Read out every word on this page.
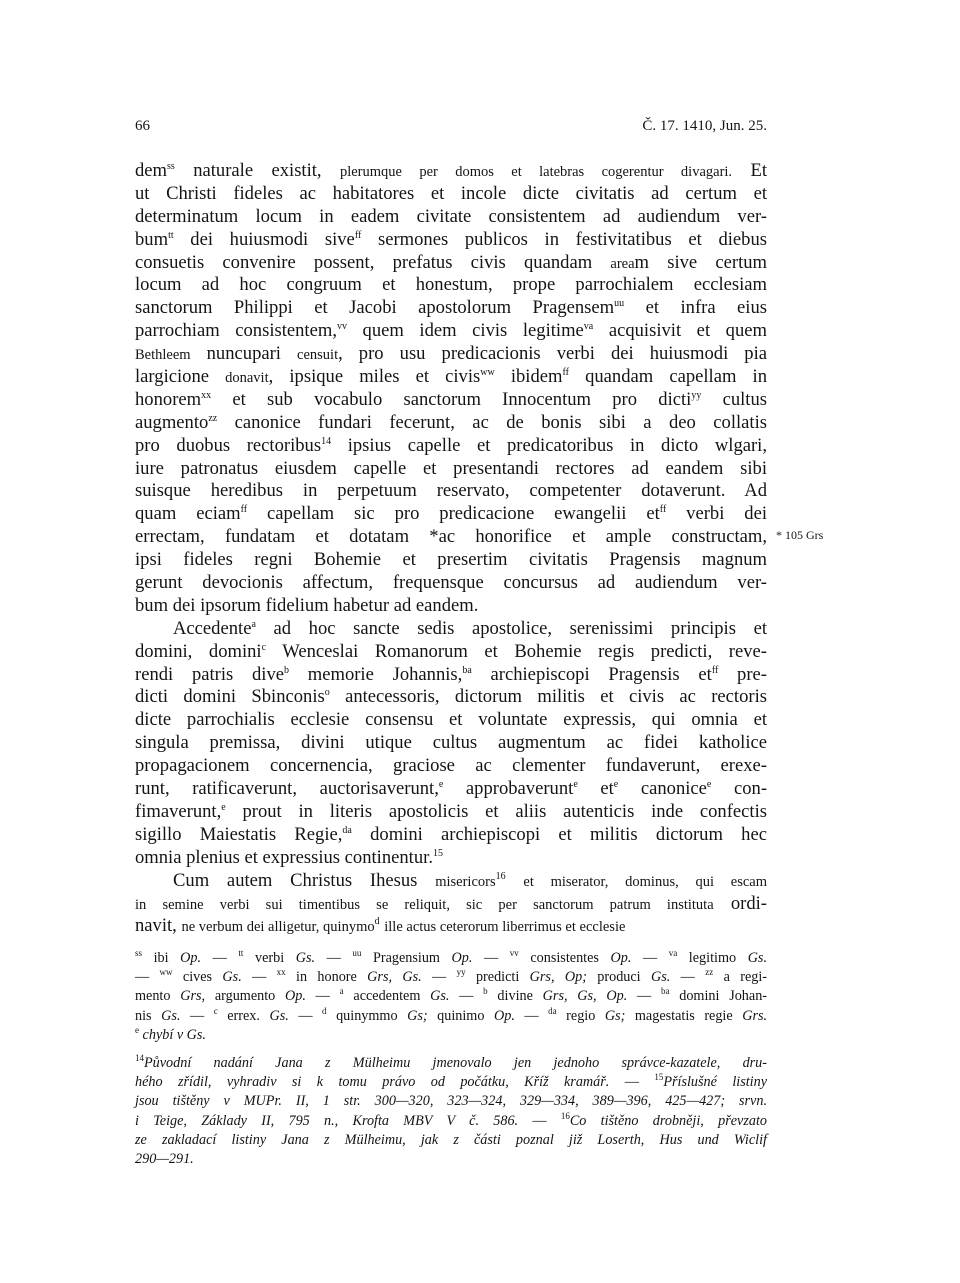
66	Č. 17. 1410, Jun. 25.
dem$^{ss}$ naturale existit, plerumque per domos et latebras cogerentur divagari. Et
ut Christi fideles ac habitatores et incole dicte civitatis ad certum et
determinatum locum in eadem civitate consistentem ad audiendum ver-
bum$^{tt}$ dei huiusmodi sive$^{ff}$ sermones publicos in festivitatibus et diebus
consuetis convenire possent, prefatus civis quandam aream sive certum
locum ad hoc congruum et honestum, prope parrochialem ecclesiam
sanctorum Philippi et Jacobi apostolorum Pragensem$^{uu}$ et infra eius
parrochiam consistentem,$^{vv}$ quem idem civis legitime$^{va}$ acquisivit et quem
Bethleem nuncupari censuit, pro usu predicacionis verbi dei huiusmodi pia
largicione donavit, ipsique miles et civis$^{ww}$ ibidem$^{ff}$ quandam capellam in
honorem$^{xx}$ et sub vocabulo sanctorum Innocentum pro dicti$^{yy}$ cultus
augmento$^{zz}$ canonice fundari fecerunt, ac de bonis sibi a deo collatis
pro duobus rectoribus$^{14}$ ipsius capelle et predicatoribus in dicto wlgari,
iure patronatus eiusdem capelle et presentandi rectores ad eandem sibi
suisque heredibus in perpetuum reservato, competenter dotaverunt. Ad
quam eciam$^{ff}$ capellam sic pro predicacione ewangelii $et^{ff}$ verbi dei
errectam, fundatam et dotatam *ac honorifice et ample constructam,
ipsi fideles regni Bohemie et presertim civitatis Pragensis magnum
gerunt devocionis affectum, frequensque concursus ad audiendum ver-
bum dei ipsorum fidelium habetur ad eandem.
Accedente$^a$ ad hoc sancte sedis apostolice, serenissimi principis et
domini, domini$^c$ Wenceslai Romanorum et Bohemie regis predicti, reve-
rendi patris dive$^b$ memorie Johannis,$^{ba}$ archiepiscopi Pragensis $et^{ff}$ pre-
dicti domini Sbinconis$^o$ antecessoris, dictorum militis et civis ac rectoris
dicte parrochialis ecclesie consensu et voluntate expressis, qui omnia et
singula premissa, divini utique cultus augmentum ac fidei katholice
propagacionem concernencia, graciose ac clementer fundaverunt, erexe-
runt, ratificaverunt, auctorisaverunt,$^e$ approbaverunt$^e$ $et^e$ canonice$^e$ con-
fimaverunt,$^e$ prout in literis apostolicis et aliis autenticis inde confectis
sigillo Maiestatis Regie,$^{da}$ domini archiepiscopi et militis dictorum hec
omnia plenius et expressius continentur.$^{15}$
Cum autem Christus Ihesus misericors$^{16}$ et miserator, dominus, qui escam
in semine verbi sui timentibus se reliquit, sic per sanctorum patrum instituta ordi-
navit, ne verbum dei alligetur, quinymo$^d$ ille actus ceterorum liberrimus et ecclesie
* 105 Grs
$^{ss}$ ibi Op. — $^{tt}$ verbi Gs. — $^{uu}$ Pragensium Op. — $^{vv}$ consistentes Op. — $^{va}$ legitimo Gs.
— $^{ww}$ cives Gs. — $^{xx}$ in honore Grs, Gs. — $^{yy}$ predicti Grs, Op; produci Gs. — $^{zz}$ a regi-
mento Grs, argumento Op. — $^a$ accedentem Gs. — $^b$ divine Grs, Gs, Op. — $^{ba}$ domini Johan-
nis Gs. — $^c$ errex. Gs. — $^d$ quinymmo Gs; quinimo Op. — $^{da}$ regio Gs; magestatis regie Grs.
$^e$ chybí v Gs.
$^{14}$Původní nadání Jana z Mülheimu jmenovalo jen jednoho správce-kazatele, dru-
hého zřídil, vyhradiv si k tomu právo od počátku, Kříž kramář. — $^{15}$Příslušné listiny
jsou tištěny v MUPr. II, 1 str. 300—320, 323—324, 329—334, 389—396, 425—427; srvn.
i Teige, Základy II, 795 n., Krofta MBV V č. 586. — $^{16}$Co tištěno drobněji, převzato
ze zakladací listiny Jana z Mülheimu, jak z části poznal již Loserth, Hus und Wiclif
290—291.
